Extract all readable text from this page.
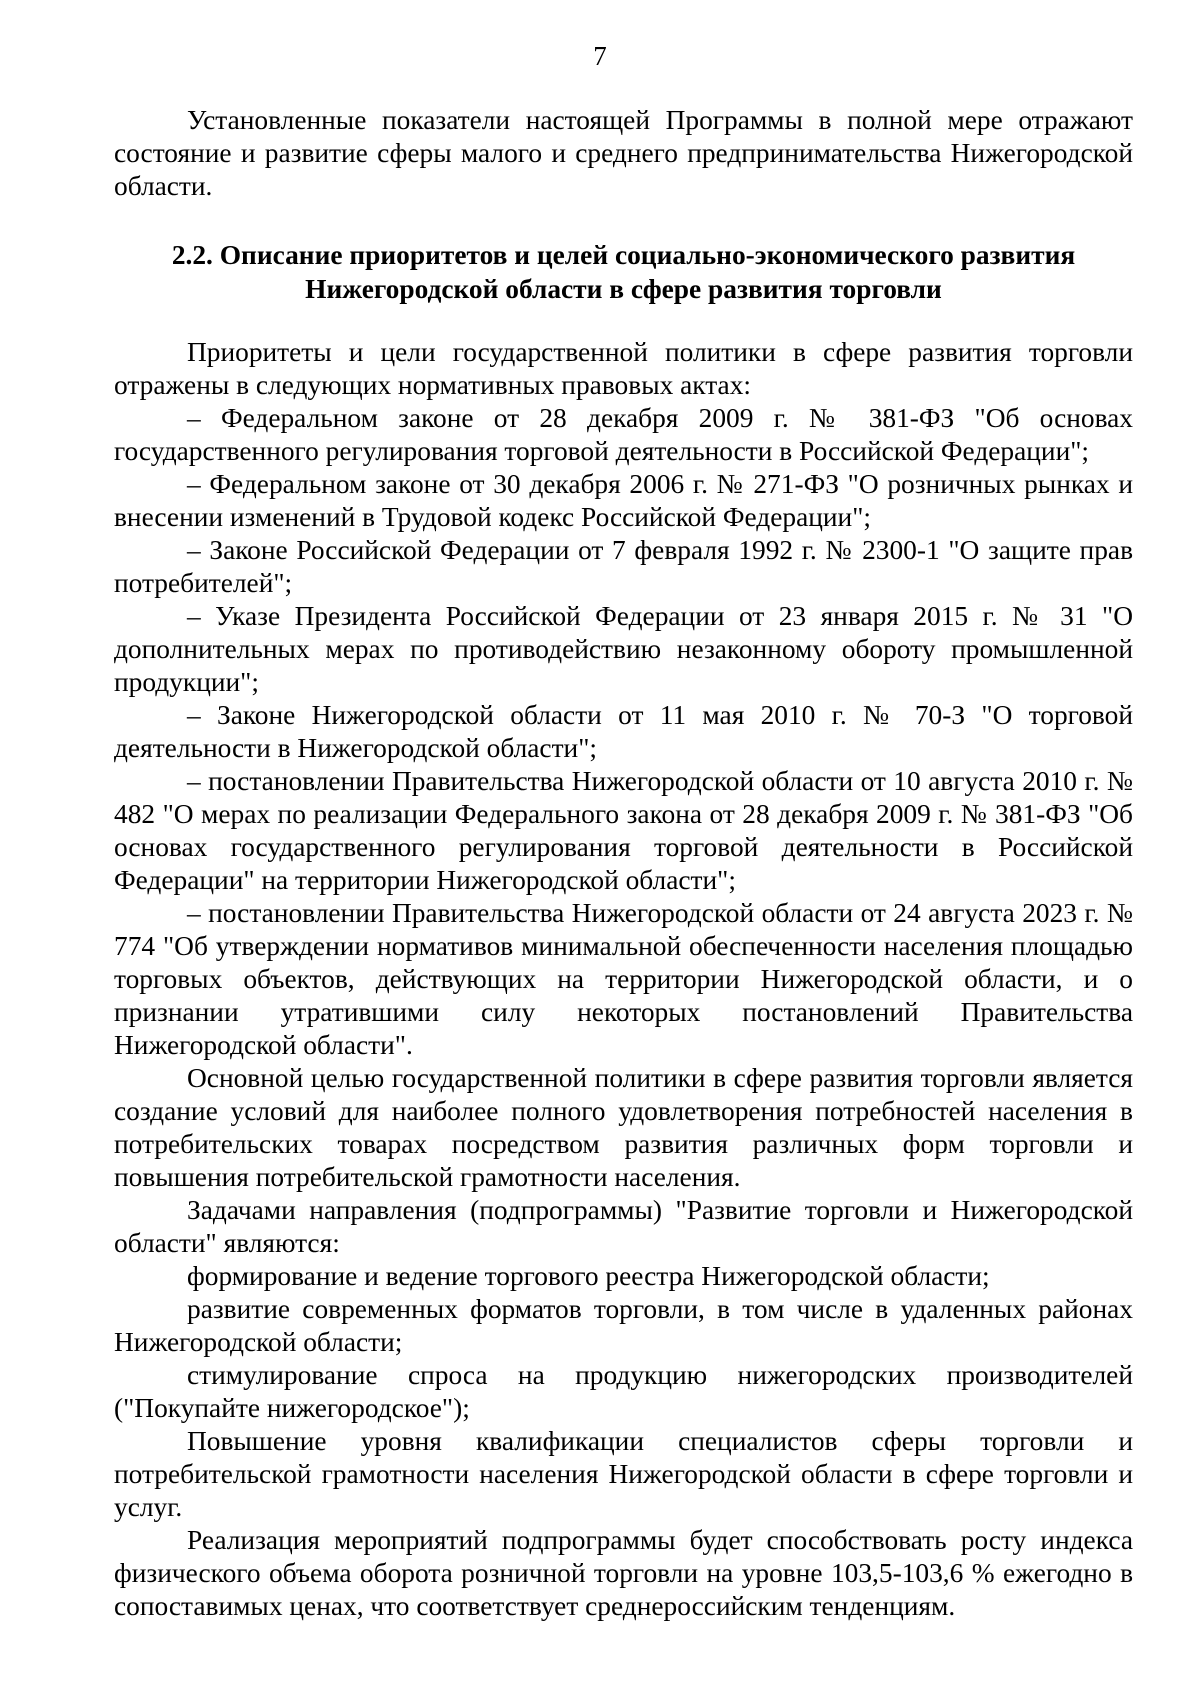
7

Установленные показатели настоящей Программы в полной мере отражают состояние и развитие сферы малого и среднего предпринимательства Нижегородской области.

2.2. Описание приоритетов и целей социально-экономического развития
Нижегородской области в сфере развития торговли

Приоритеты и цели государственной политики в сфере развития торговли отражены в следующих нормативных правовых актах:

– Федеральном законе от 28 декабря 2009 г. № 381-ФЗ "Об основах государственного регулирования торговой деятельности в Российской Федерации";

– Федеральном законе от 30 декабря 2006 г. № 271-ФЗ "О розничных рынках и внесении изменений в Трудовой кодекс Российской Федерации";

– Законе Российской Федерации от 7 февраля 1992 г. № 2300-1 "О защите прав потребителей";

– Указе Президента Российской Федерации от 23 января 2015 г. № 31 "О дополнительных мерах по противодействию незаконному обороту промышленной продукции";

– Законе Нижегородской области от 11 мая 2010 г. № 70-З "О торговой деятельности в Нижегородской области";

– постановлении Правительства Нижегородской области от 10 августа 2010 г. № 482 "О мерах по реализации Федерального закона от 28 декабря 2009 г. № 381-ФЗ "Об основах государственного регулирования торговой деятельности в Российской Федерации" на территории Нижегородской области";

– постановлении Правительства Нижегородской области от 24 августа 2023 г. № 774 "Об утверждении нормативов минимальной обеспеченности населения площадью торговых объектов, действующих на территории Нижегородской области, и о признании утратившими силу некоторых постановлений Правительства Нижегородской области".

Основной целью государственной политики в сфере развития торговли является создание условий для наиболее полного удовлетворения потребностей населения в потребительских товарах посредством развития различных форм торговли и повышения потребительской грамотности населения.

Задачами направления (подпрограммы) "Развитие торговли и Нижегородской области" являются:

формирование и ведение торгового реестра Нижегородской области;

развитие современных форматов торговли, в том числе в удаленных районах Нижегородской области;

стимулирование спроса на продукцию нижегородских производителей ("Покупайте нижегородское");

Повышение уровня квалификации специалистов сферы торговли и потребительской грамотности населения Нижегородской области в сфере торговли и услуг.

Реализация мероприятий подпрограммы будет способствовать росту индекса физического объема оборота розничной торговли на уровне 103,5-103,6 % ежегодно в сопоставимых ценах, что соответствует среднероссийским тенденциям.
